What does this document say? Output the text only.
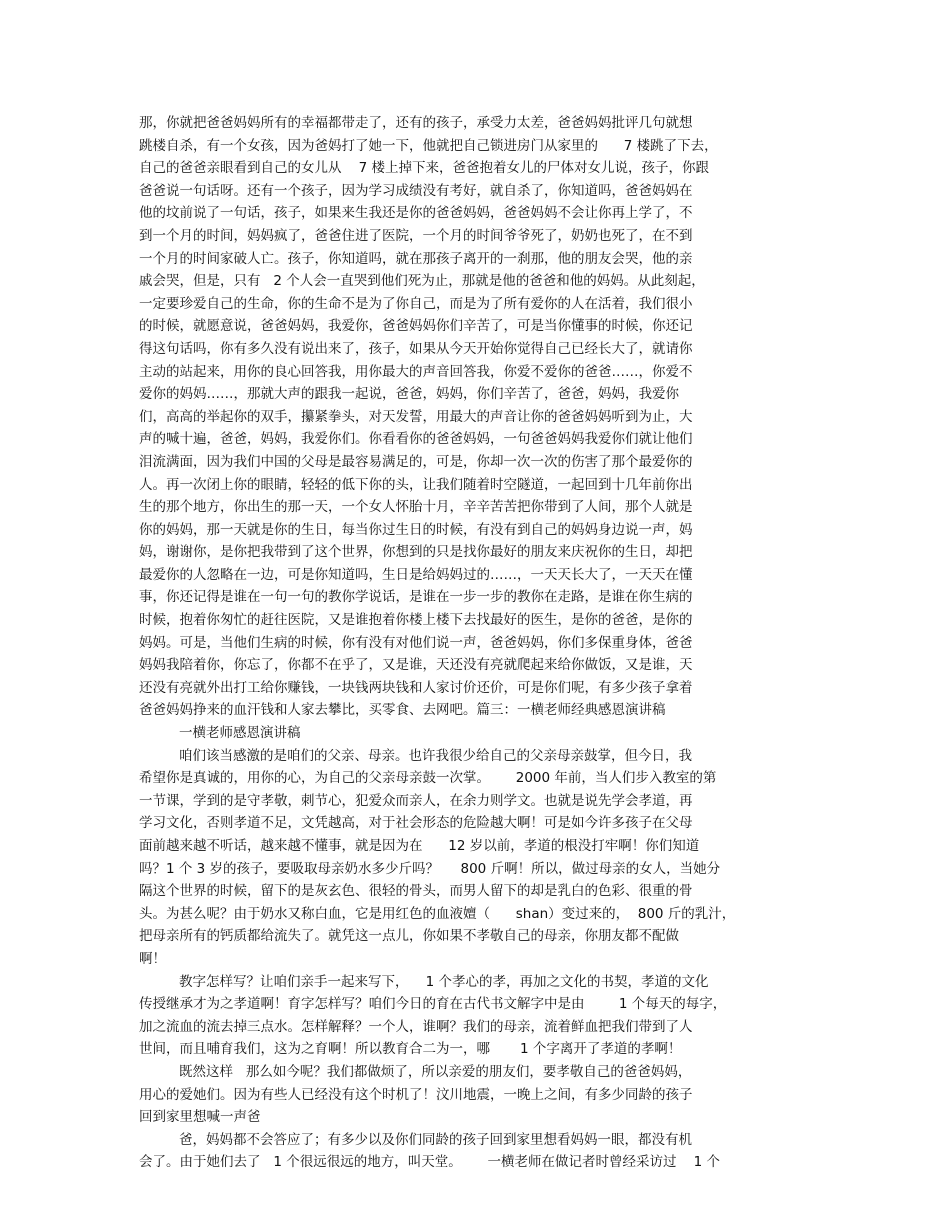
那，你就把爸爸妈妈所有的幸福都带走了，还有的孩子，承受力太差，爸爸妈妈批评几句就想
跳楼自杀，有一个女孩，因为爸妈打了她一下，他就把自己锁进房门从家里的      7 楼跳了下去，
自己的爸爸亲眼看到自己的女儿从    7 楼上掉下来，爸爸抱着女儿的尸体对女儿说，孩子，你跟
爸爸说一句话呀。还有一个孩子，因为学习成绩没有考好，就自杀了，你知道吗，爸爸妈妈在
他的坟前说了一句话，孩子，如果来生我还是你的爸爸妈妈，爸爸妈妈不会让你再上学了，不
到一个月的时间，妈妈疯了，爸爸住进了医院，一个月的时间爷爷死了，奶奶也死了，在不到
一个月的时间家破人亡。孩子，你知道吗，就在那孩子离开的一刹那，他的朋友会哭，他的亲
戚会哭，但是，只有   2 个人会一直哭到他们死为止，那就是他的爸爸和他的妈妈。从此刻起，
一定要珍爱自己的生命，你的生命不是为了你自己，而是为了所有爱你的人在活着，我们很小
的时候，就愿意说，爸爸妈妈，我爱你，爸爸妈妈你们辛苦了，可是当你懂事的时候，你还记
得这句话吗，你有多久没有说出来了，孩子，如果从今天开始你觉得自己已经长大了，就请你
主动的站起来，用你的良心回答我，用你最大的声音回答我，你爱不爱你的爸爸……，你爱不
爱你的妈妈……，那就大声的跟我一起说，爸爸，妈妈，你们辛苦了，爸爸，妈妈，我爱你
们，高高的举起你的双手，攥紧拳头，对天发誓，用最大的声音让你的爸爸妈妈听到为止，大
声的喊十遍，爸爸，妈妈，我爱你们。你看看你的爸爸妈妈，一句爸爸妈妈我爱你们就让他们
泪流满面，因为我们中国的父母是最容易满足的，可是，你却一次一次的伤害了那个最爱你的
人。再一次闭上你的眼睛，轻轻的低下你的头，让我们随着时空隧道，一起回到十几年前你出
生的那个地方，你出生的那一天，一个女人怀胎十月，辛辛苦苦把你带到了人间，那个人就是
你的妈妈，那一天就是你的生日，每当你过生日的时候，有没有到自己的妈妈身边说一声，妈
妈，谢谢你，是你把我带到了这个世界，你想到的只是找你最好的朋友来庆祝你的生日，却把
最爱你的人忽略在一边，可是你知道吗，生日是给妈妈过的……，一天天长大了，一天天在懂
事，你还记得是谁在一句一句的教你学说话，是谁在一步一步的教你在走路，是谁在你生病的
时候，抱着你匆忙的赶往医院，又是谁抱着你楼上楼下去找最好的医生，是你的爸爸，是你的
妈妈。可是，当他们生病的时候，你有没有对他们说一声，爸爸妈妈，你们多保重身体，爸爸
妈妈我陪着你，你忘了，你都不在乎了，又是谁，天还没有亮就爬起来给你做饭，又是谁，天
还没有亮就外出打工给你赚钱，一块钱两块钱和人家讨价还价，可是你们呢，有多少孩子拿着
爸爸妈妈挣来的血汗钱和人家去攀比，买零食、去网吧。篇三：一横老师经典感恩演讲稿
一横老师感恩演讲稿
咱们该当感激的是咱们的父亲、母亲。也许我很少给自己的父亲母亲鼓掌，但今日，我
希望你是真诚的，用你的心，为自己的父亲母亲鼓一次掌。      2000 年前，当人们步入教室的第
一节课，学到的是守孝敬，刺节心，犯爱众而亲人，在余力则学文。也就是说先学会孝道，再
学习文化，否则孝道不足，文凭越高，对于社会形态的危险越大啊！可是如今许多孩子在父母
面前越来越不听话，越来越不懂事，就是因为在      12 岁以前，孝道的根没打牢啊！你们知道
吗？1 个 3 岁的孩子，要吸取母亲奶水多少斤吗？     800 斤啊！所以，做过母亲的女人，当她分
隔这个世界的时候，留下的是灰玄色、很轻的骨头，而男人留下的却是乳白的色彩、很重的骨
头。为甚么呢？由于奶水又称白血，它是用红色的血液嬗（      shan）变过来的，  800 斤的乳汁，
把母亲所有的钙质都给流失了。就凭这一点儿，你如果不孝敬自己的母亲，你朋友都不配做
啊！
教字怎样写？让咱们亲手一起来写下，    1 个孝心的孝，再加之文化的书契，孝道的文化
传授继承才为之孝道啊！育字怎样写？咱们今日的育在古代书文解字中是由        1 个每天的每字，
加之流血的流去掉三点水。怎样解释？一个人，谁啊？我们的母亲，流着鲜血把我们带到了人
世间，而且哺育我们，这为之育啊！所以教育合二为一，哪       1 个字离开了孝道的孝啊！
既然这样   那么如今呢？我们都做烦了，所以亲爱的朋友们，要孝敬自己的爸爸妈妈，
用心的爱她们。因为有些人已经没有这个时机了！汶川地震，一晚上之间，有多少同龄的孩子
回到家里想喊一声爸
爸，妈妈都不会答应了；有多少以及你们同龄的孩子回到家里想看妈妈一眼，都没有机
会了。由于她们去了   1 个很远很远的地方，叫天堂。      一横老师在做记者时曾经采访过    1 个
